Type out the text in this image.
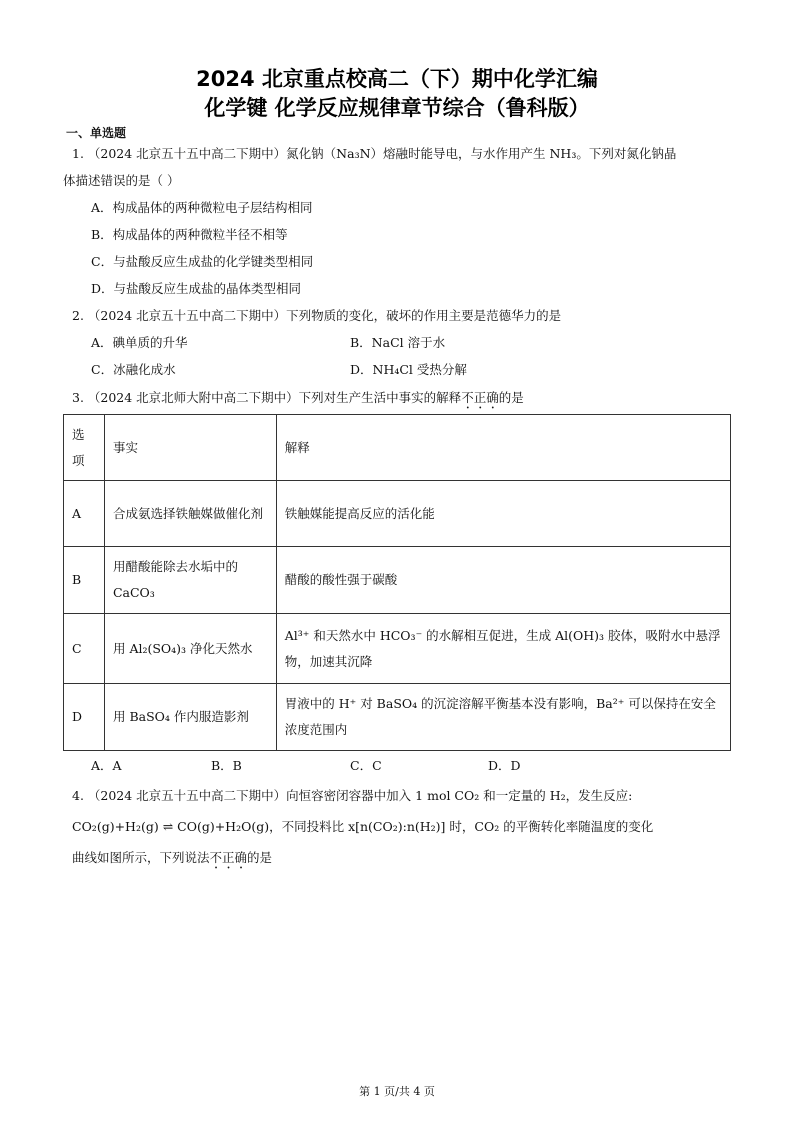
2024 北京重点校高二（下）期中化学汇编
化学键 化学反应规律章节综合（鲁科版）
一、单选题
1. （2024 北京五十五中高二下期中）氮化钠（Na₃N）熔融时能导电，与水作用产生 NH₃。下列对氮化钠晶
体描述错误的是（ ）
A．构成晶体的两种微粒电子层结构相同
B．构成晶体的两种微粒半径不相等
C．与盐酸反应生成盐的化学键类型相同
D．与盐酸反应生成盐的晶体类型相同
2. （2024 北京五十五中高二下期中）下列物质的变化，破坏的作用主要是范德华力的是
A．碘单质的升华	B．NaCl 溶于水
C．冰融化成水	D．NH₄Cl 受热分解
3. （2024 北京北师大附中高二下期中）下列对生产生活中事实的解释不正确的是
选项	事实	解释
A	合成氨选择铁触媒做催化剂	铁触媒能提高反应的活化能
B	用醋酸能除去水垢中的 CaCO₃	醋酸的酸性强于碳酸
C	用 Al₂(SO₄)₃ 净化天然水	Al³⁺ 和天然水中 HCO₃⁻ 的水解相互促进，生成 Al(OH)₃ 胶体，吸附水中悬浮物，加速其沉降
D	用 BaSO₄ 作内服造影剂	胃液中的 H⁺ 对 BaSO₄ 的沉淀溶解平衡基本没有影响，Ba²⁺ 可以保持在安全浓度范围内
A．A	B．B	C．C	D．D
4. （2024 北京五十五中高二下期中）向恒容密闭容器中加入 1 mol CO₂ 和一定量的 H₂，发生反应:
CO₂(g)+H₂(g) ⇌ CO(g)+H₂O(g)，不同投料比 x[n(CO₂):n(H₂)] 时，CO₂ 的平衡转化率随温度的变化
曲线如图所示，下列说法不正确的是
第 1 页/共 4 页
